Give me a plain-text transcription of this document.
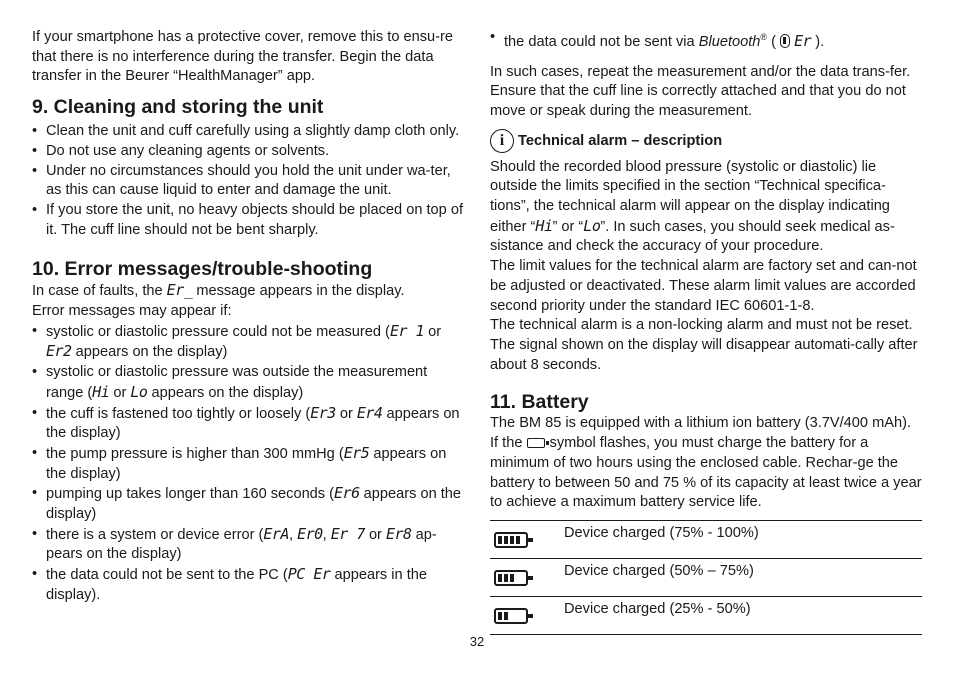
If your smartphone has a protective cover, remove this to ensu-re that there is no interference during the transfer. Begin the data transfer in the Beurer “HealthManager” app.

9. Cleaning and storing the unit
• Clean the unit and cuff carefully using a slightly damp cloth only.
• Do not use any cleaning agents or solvents.
• Under no circumstances should you hold the unit under wa-ter, as this can cause liquid to enter and damage the unit.
• If you store the unit, no heavy objects should be placed on top of it. The cuff line should not be bent sharply.
10. Error messages/trouble-shooting

In case of faults, the Er_ message appears in the display.

Error messages may appear if:

• systolic or diastolic pressure could not be measured (Er 1 or Er2 appears on the display)
• systolic or diastolic pressure was outside the measurement range (Hi or Lo appears on the display)
• the cuff is fastened too tightly or loosely (Er3 or Er4 appears on the display)
• the pump pressure is higher than 300 mmHg (Er5 appears on the display)
• pumping up takes longer than 160 seconds (Er6 appears on the display)
• there is a system or device error (ErA, Er0, Er 7 or Er8 ap-pears on the display)
• the data could not be sent to the PC (PC Er appears in the display).
• the data could not be sent via Bluetooth® (  Er ).

In such cases, repeat the measurement and/or the data trans-fer. Ensure that the cuff line is correctly attached and that you do not move or speak during the measurement.

i Technical alarm – description

Should the recorded blood pressure (systolic or diastolic) lie outside the limits specified in the section “Technical specifica-tions”, the technical alarm will appear on the display indicating either “Hi” or “Lo”. In such cases, you should seek medical as-sistance and check the accuracy of your procedure.

The limit values for the technical alarm are factory set and can-not be adjusted or deactivated. These alarm limit values are accorded second priority under the standard IEC 60601-1-8.

The technical alarm is a non-locking alarm and must not be reset. The signal shown on the display will disappear automati-cally after about 8 seconds.

11. Battery

The BM 85 is equipped with a lithium ion battery (3.7V/400 mAh). If the symbol flashes, you must charge the battery for a minimum of two hours using the enclosed cable. Rechar-ge the battery to between 50 and 75 % of its capacity at least twice a year to achieve a maximum battery service life.

	Device charged (75% - 100%)

	Device charged (50% – 75%)

	Device charged (25% - 50%)
32
